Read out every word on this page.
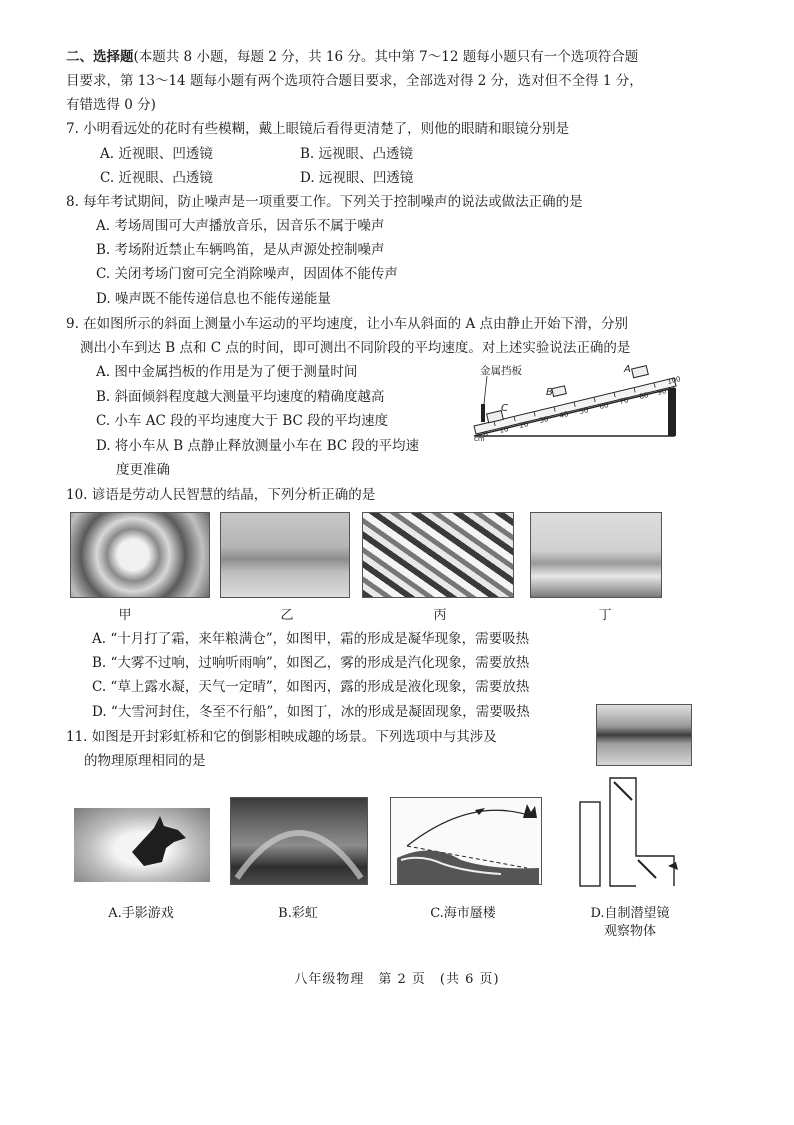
二、选择题(本题共 8 小题，每题 2 分，共 16 分。其中第 7～12 题每小题只有一个选项符合题
目要求，第 13～14 题每小题有两个选项符合题目要求，全部选对得 2 分，选对但不全得 1 分，
有错选得 0 分)
7. 小明看远处的花时有些模糊，戴上眼镜后看得更清楚了，则他的眼睛和眼镜分别是
A. 近视眼、凹透镜	B. 远视眼、凸透镜
C. 近视眼、凸透镜	D. 远视眼、凹透镜
8. 每年考试期间，防止噪声是一项重要工作。下列关于控制噪声的说法或做法正确的是
A. 考场周围可大声播放音乐，因音乐不属于噪声
B. 考场附近禁止车辆鸣笛，是从声源处控制噪声
C. 关闭考场门窗可完全消除噪声，因固体不能传声
D. 噪声既不能传递信息也不能传递能量
9. 在如图所示的斜面上测量小车运动的平均速度，让小车从斜面的 A 点由静止开始下滑，分别
测出小车到达 B 点和 C 点的时间，即可测出不同阶段的平均速度。对上述实验说法正确的是
A. 图中金属挡板的作用是为了便于测量时间
B. 斜面倾斜程度越大测量平均速度的精确度越高
C. 小车 AC 段的平均速度大于 BC 段的平均速度
D. 将小车从 B 点静止释放测量小车在 BC 段的平均速
度更准确
cm
0 10
20
30
40 50
60
70
80 90
100
金属挡板
C
B
A
10. 谚语是劳动人民智慧的结晶，下列分析正确的是
甲	乙	丙	丁
A. “十月打了霜，来年粮满仓”，如图甲，霜的形成是凝华现象，需要吸热
B. “大雾不过响，过响听雨响”，如图乙，雾的形成是汽化现象，需要放热
C. “草上露水凝，天气一定晴”，如图丙，露的形成是液化现象，需要放热
D. “大雪河封住，冬至不行船”，如图丁，冰的形成是凝固现象，需要吸热
11. 如图是开封彩虹桥和它的倒影相映成趣的场景。下列选项中与其涉及
的物理原理相同的是
A.手影游戏	B.彩虹	C.海市蜃楼	D.自制潜望镜
观察物体
八年级物理　第 2 页　(共 6 页)
